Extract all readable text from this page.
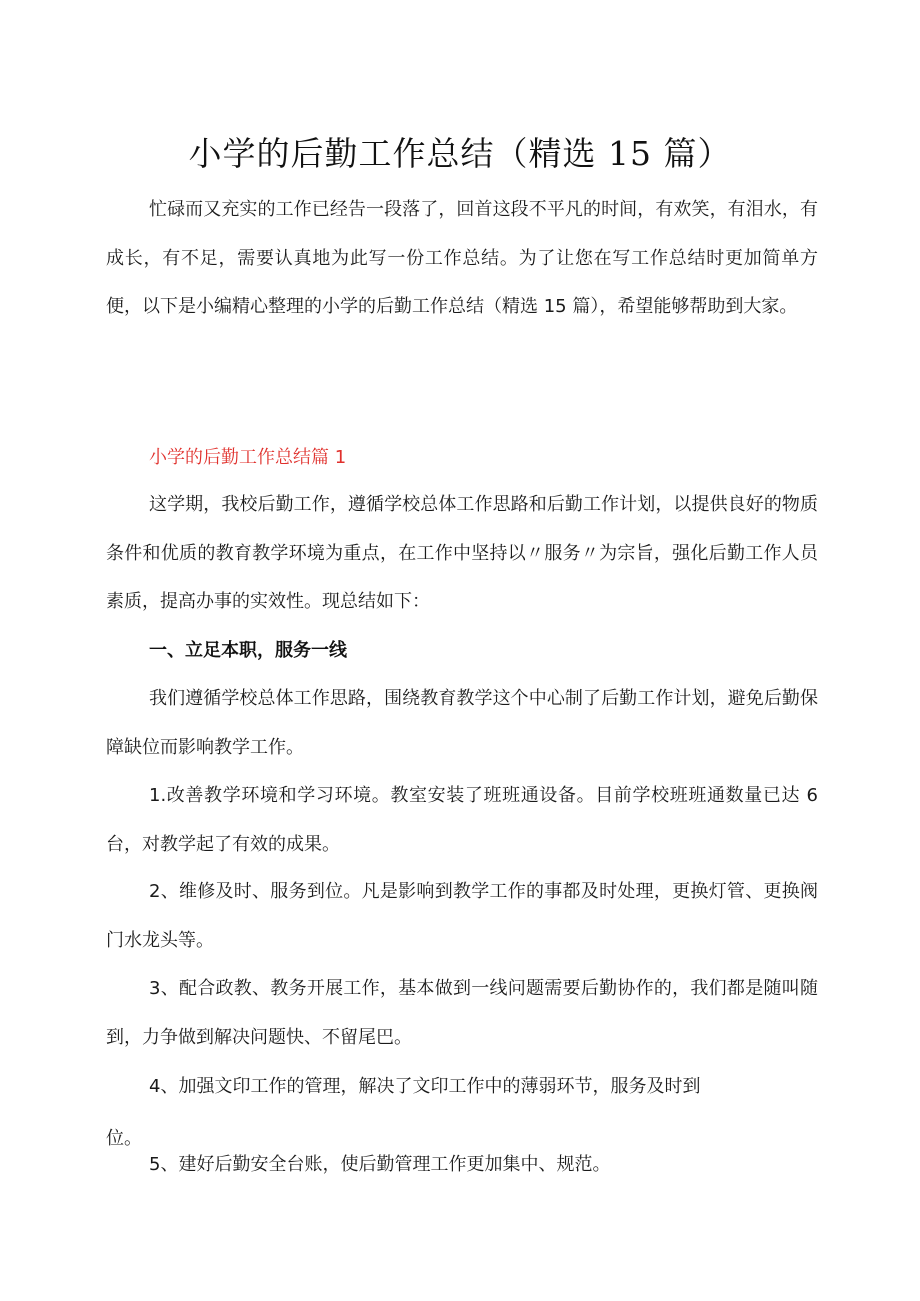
小学的后勤工作总结（精选 15 篇）

忙碌而又充实的工作已经告一段落了，回首这段不平凡的时间，有欢笑，有泪水，有成长，有不足，需要认真地为此写一份工作总结。为了让您在写工作总结时更加简单方便，以下是小编精心整理的小学的后勤工作总结（精选 15 篇），希望能够帮助到大家。

小学的后勤工作总结篇 1

这学期，我校后勤工作，遵循学校总体工作思路和后勤工作计划，以提供良好的物质条件和优质的教育教学环境为重点，在工作中坚持以〃服务〃为宗旨，强化后勤工作人员素质，提高办事的实效性。现总结如下：

一、立足本职，服务一线

我们遵循学校总体工作思路，围绕教育教学这个中心制了后勤工作计划，避免后勤保障缺位而影响教学工作。

1.改善教学环境和学习环境。教室安装了班班通设备。目前学校班班通数量已达 6 台，对教学起了有效的成果。

2、维修及时、服务到位。凡是影响到教学工作的事都及时处理，更换灯管、更换阀门水龙头等。

3、配合政教、教务开展工作，基本做到一线问题需要后勤协作的，我们都是随叫随到，力争做到解决问题快、不留尾巴。

4、加强文印工作的管理，解决了文印工作中的薄弱环节，服务及时到

位。

5、建好后勤安全台账，使后勤管理工作更加集中、规范。
